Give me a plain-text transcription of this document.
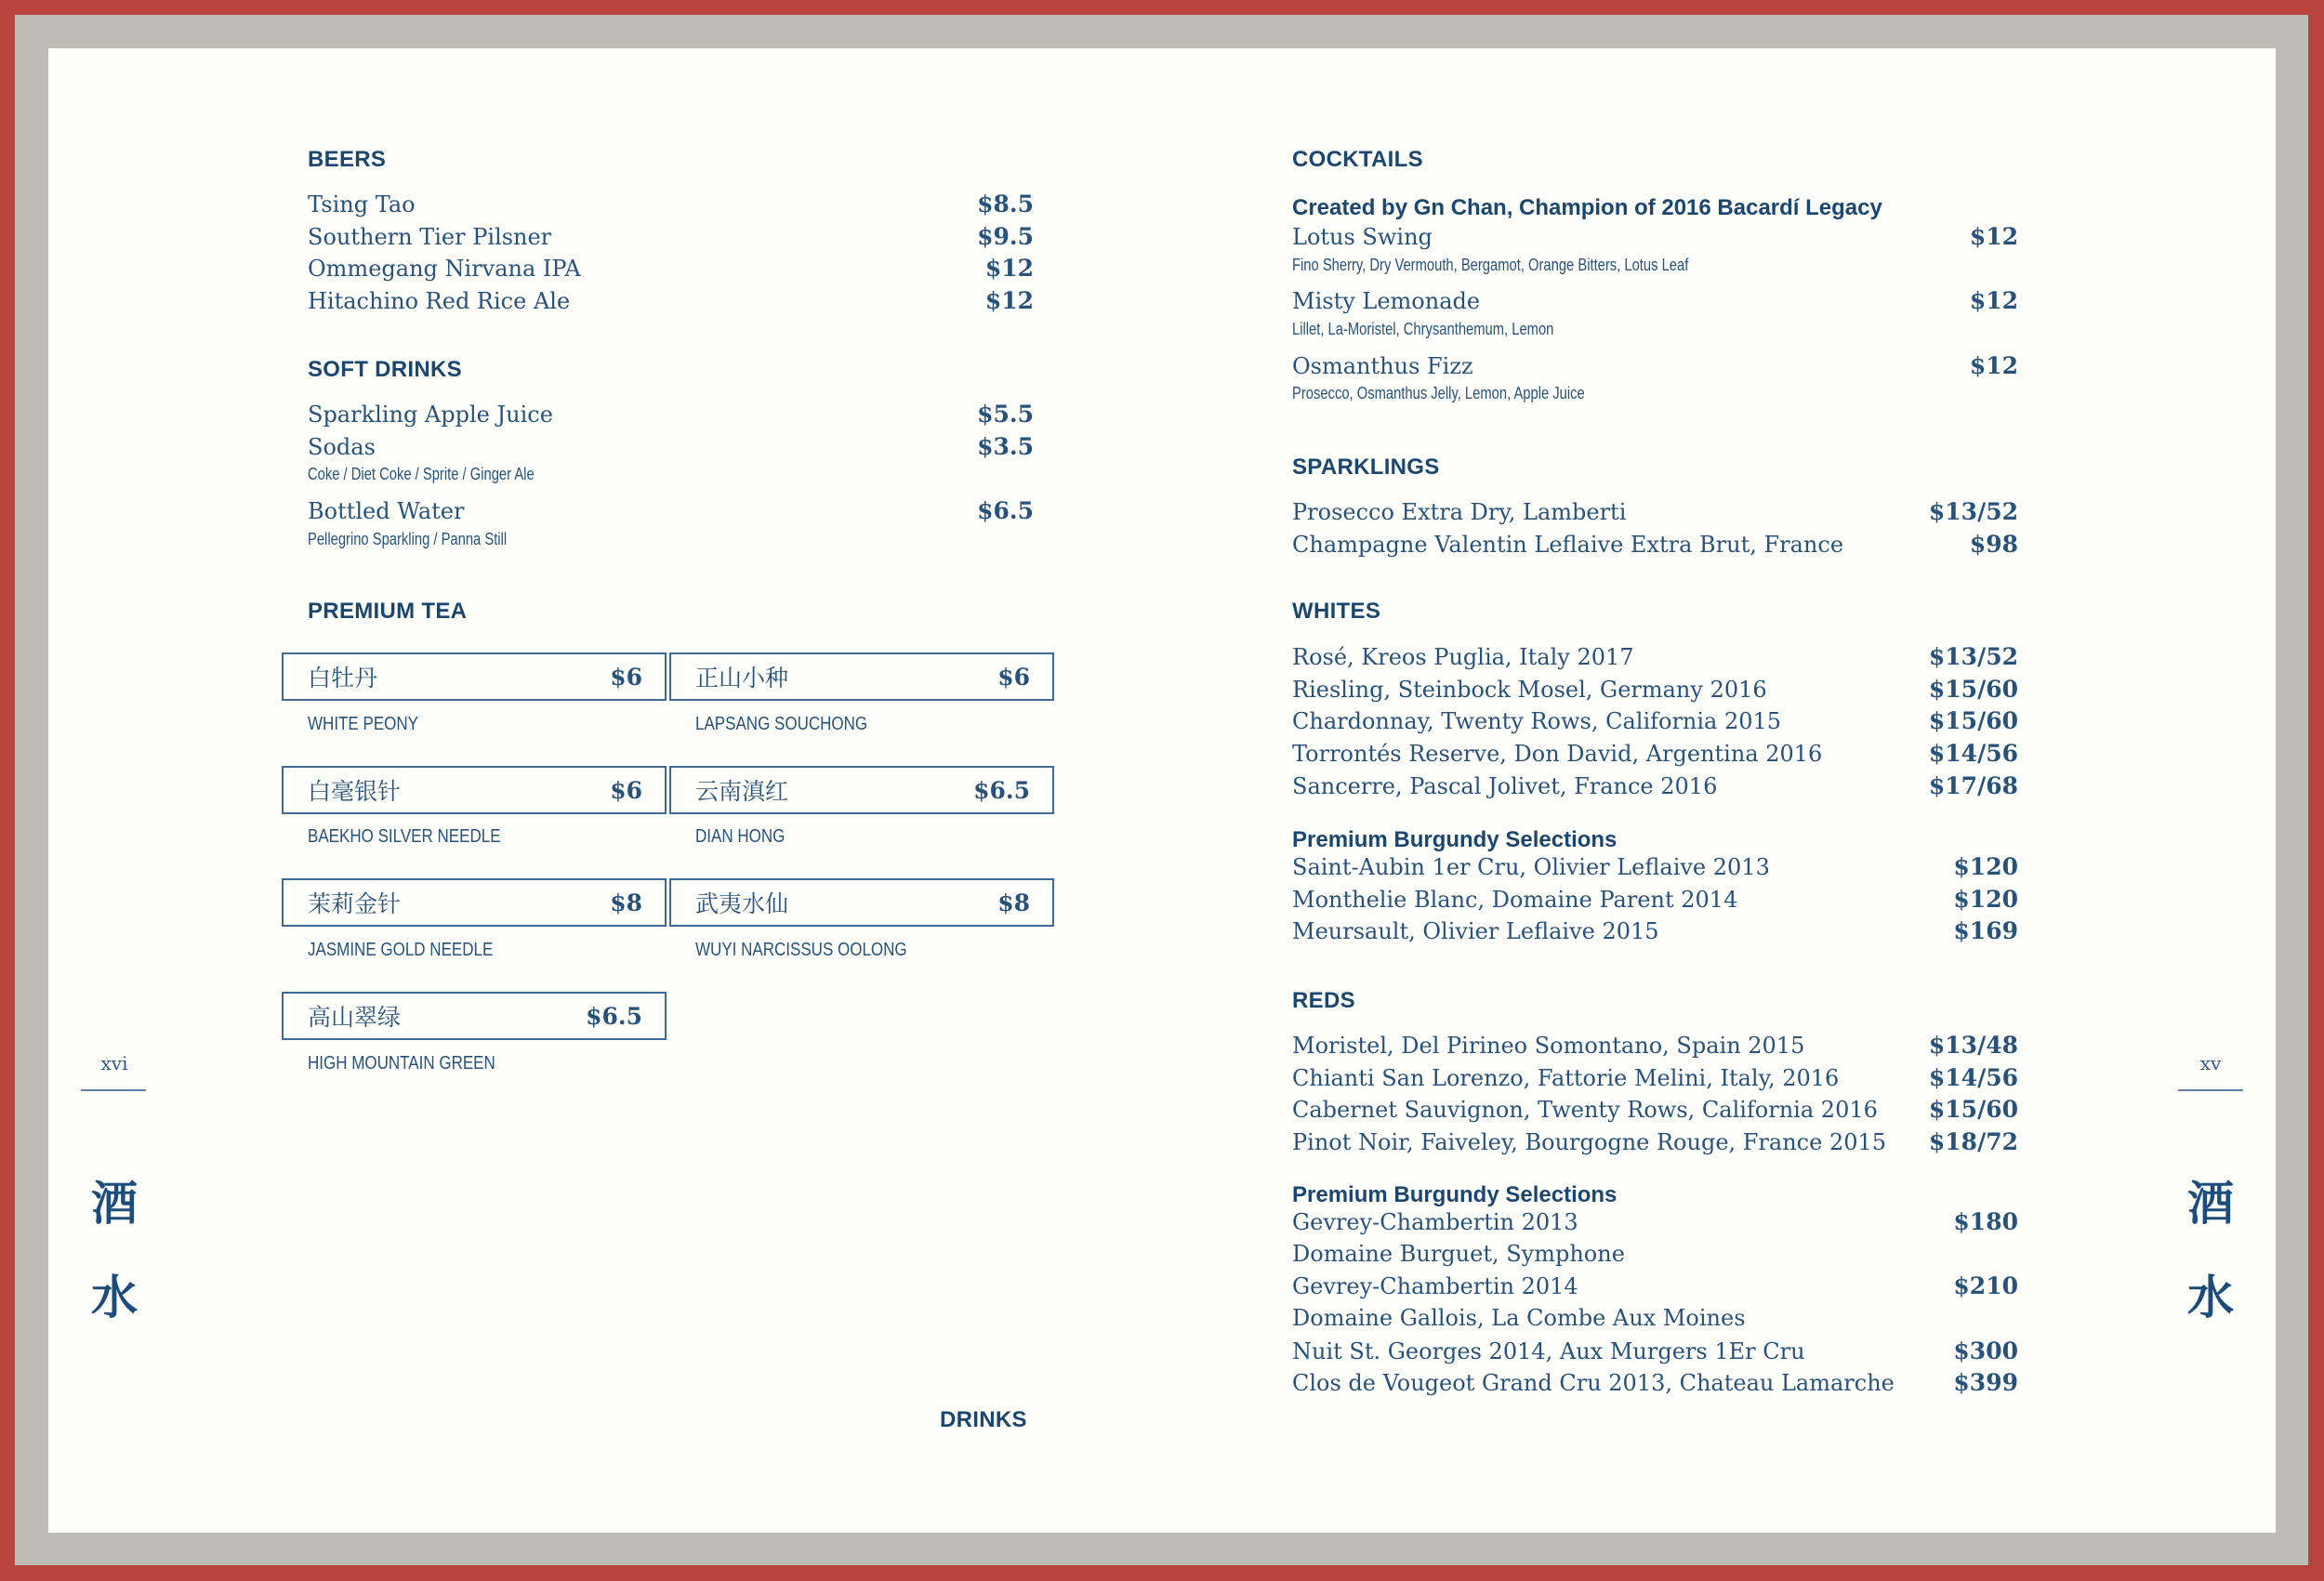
xvi
酒
水
BEERS
Tsing Tao	$8.5
Southern Tier Pilsner	$9.5
Ommegang Nirvana IPA	$12
Hitachino Red Rice Ale	$12
SOFT DRINKS
Sparkling Apple Juice	$5.5
Sodas	$3.5
Coke / Diet Coke / Sprite / Ginger Ale
Bottled Water	$6.5
Pellegrino Sparkling / Panna Still
PREMIUM TEA
白牡丹	$6
WHITE PEONY
正山小种	$6
LAPSANG SOUCHONG
白毫银针	$6
BAEKHO SILVER NEEDLE
云南滇红	$6.5
DIAN HONG
茉莉金针	$8
JASMINE GOLD NEEDLE
武夷水仙	$8
WUYI NARCISSUS OOLONG
高山翠绿	$6.5
HIGH MOUNTAIN GREEN
DRINKS
xv
酒
水
COCKTAILS
Created by Gn Chan, Champion of 2016 Bacardí Legacy
Lotus Swing	$12
Fino Sherry, Dry Vermouth, Bergamot, Orange Bitters, Lotus Leaf
Misty Lemonade	$12
Lillet, La-Moristel, Chrysanthemum, Lemon
Osmanthus Fizz	$12
Prosecco, Osmanthus Jelly, Lemon, Apple Juice
SPARKLINGS
Prosecco Extra Dry, Lamberti	$13/52
Champagne Valentin Leflaive Extra Brut, France	$98
WHITES
Rosé, Kreos Puglia, Italy 2017	$13/52
Riesling, Steinbock Mosel, Germany 2016	$15/60
Chardonnay, Twenty Rows, California 2015	$15/60
Torrontés Reserve, Don David, Argentina 2016	$14/56
Sancerre, Pascal Jolivet, France 2016	$17/68
Premium Burgundy Selections
Saint-Aubin 1er Cru, Olivier Leflaive 2013	$120
Monthelie Blanc, Domaine Parent 2014	$120
Meursault, Olivier Leflaive 2015	$169
REDS
Moristel, Del Pirineo Somontano, Spain 2015	$13/48
Chianti San Lorenzo, Fattorie Melini, Italy, 2016	$14/56
Cabernet Sauvignon, Twenty Rows, California 2016 $15/60
Pinot Noir, Faiveley, Bourgogne Rouge, France 2015 $18/72
Premium Burgundy Selections
Gevrey-Chambertin 2013	$180
Domaine Burguet, Symphone
Gevrey-Chambertin 2014	$210
Domaine Gallois, La Combe Aux Moines
Nuit St. Georges 2014, Aux Murgers 1Er Cru	$300
Clos de Vougeot Grand Cru 2013, Chateau Lamarche	$399
